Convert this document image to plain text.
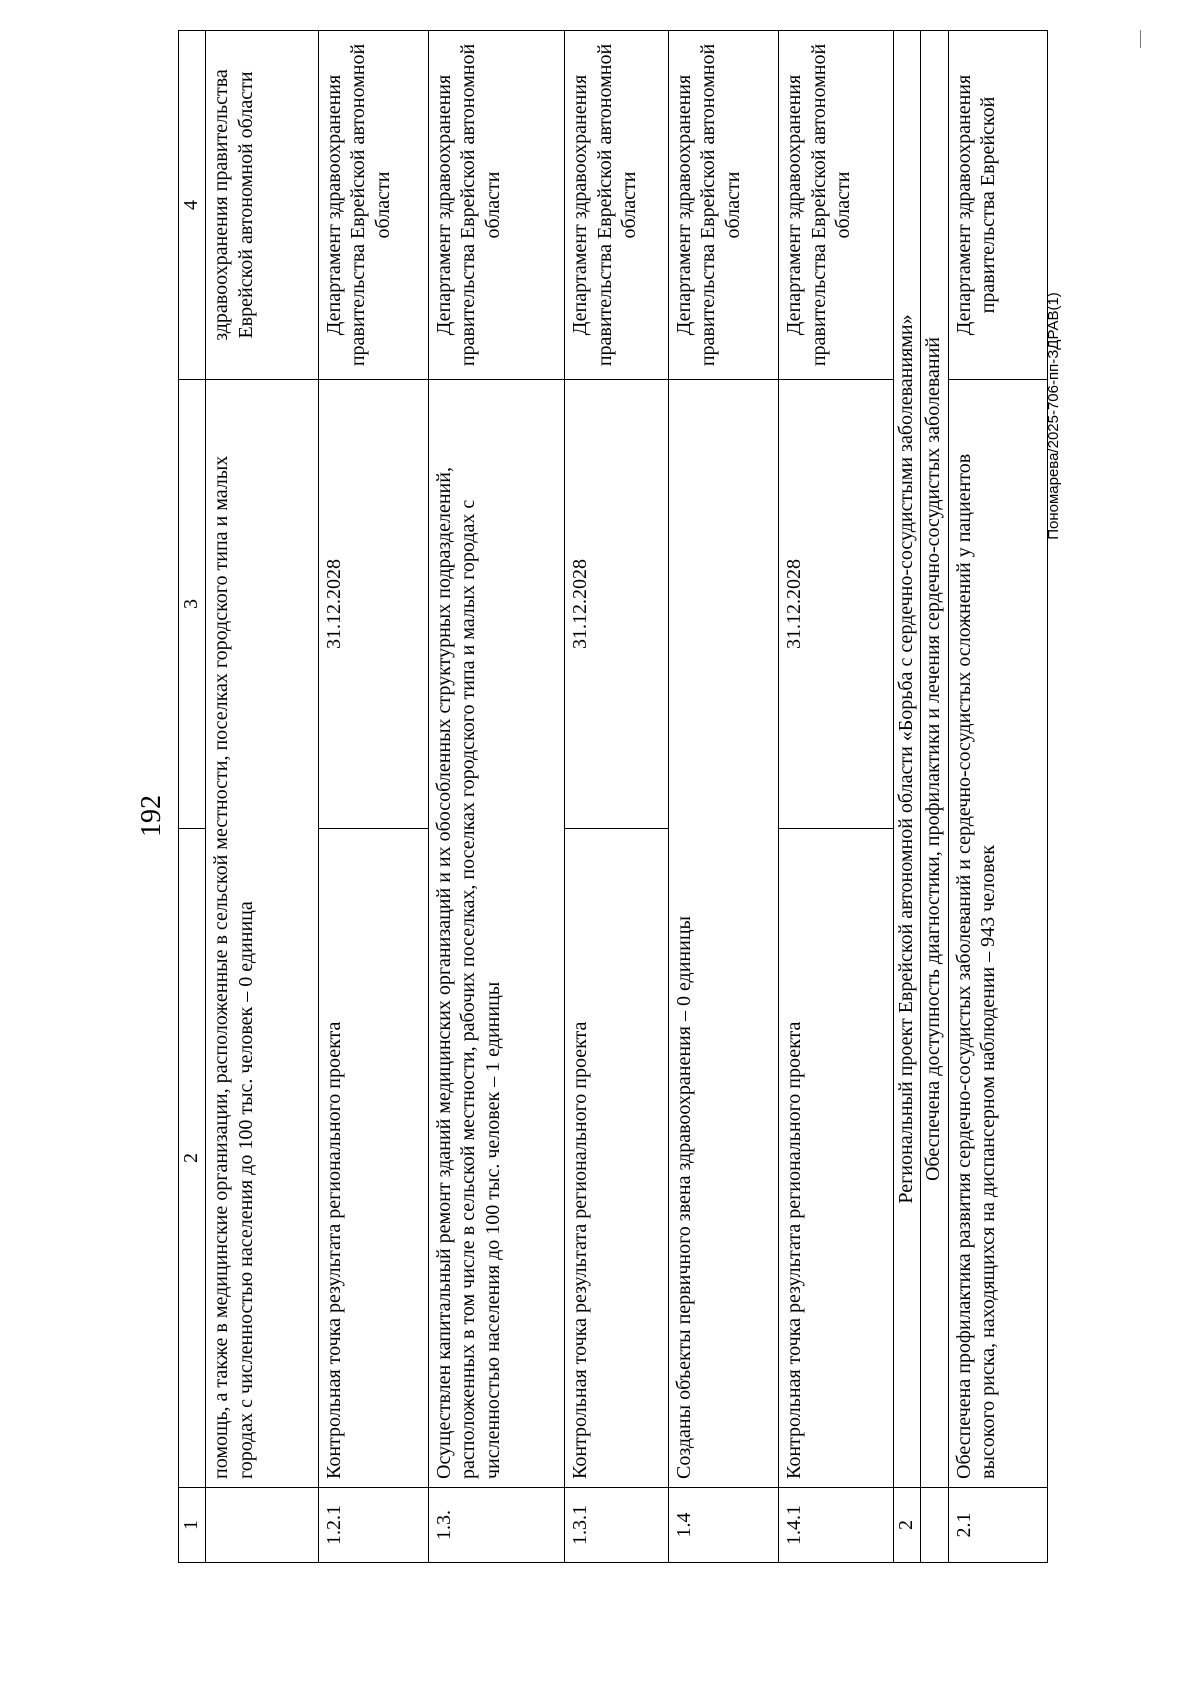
192
Пономарева/2025-706-пп-ЗДРАВ(1)
1	2	3	4
	помощь, а также в медицинские организации, расположенные в сельской местности, поселках городского типа и малых городах с численностью населения до 100 тыс. человек – 0 единица		здравоохранения правительства Еврейской автономной области
1.2.1	Контрольная точка результата регионального проекта	31.12.2028	Департамент здравоохранения правительства Еврейской автономной области
1.3.	Осуществлен капитальный ремонт зданий медицинских организаций и их обособленных структурных подразделений, расположенных в том числе в сельской местности, рабочих поселках, поселках городского типа и малых городах с численностью населения до 100 тыс. человек – 1 единицы		Департамент здравоохранения правительства Еврейской автономной области
1.3.1	Контрольная точка результата регионального проекта	31.12.2028	Департамент здравоохранения правительства Еврейской автономной области
1.4	Созданы объекты первичного звена здравоохранения – 0 единицы		Департамент здравоохранения правительства Еврейской автономной области
1.4.1	Контрольная точка результата регионального проекта	31.12.2028	Департамент здравоохранения правительства Еврейской автономной области
2	Региональный проект Еврейской автономной области «Борьба с сердечно-сосудистыми заболеваниями»		
	Обеспечена доступность диагностики, профилактики и лечения сердечно-сосудистых заболеваний		
2.1	Обеспечена профилактика развития сердечно-сосудистых заболеваний и сердечно-сосудистых осложнений у пациентов высокого риска, находящихся на диспансерном наблюдении – 943 человек		Департамент здравоохранения правительства Еврейской
